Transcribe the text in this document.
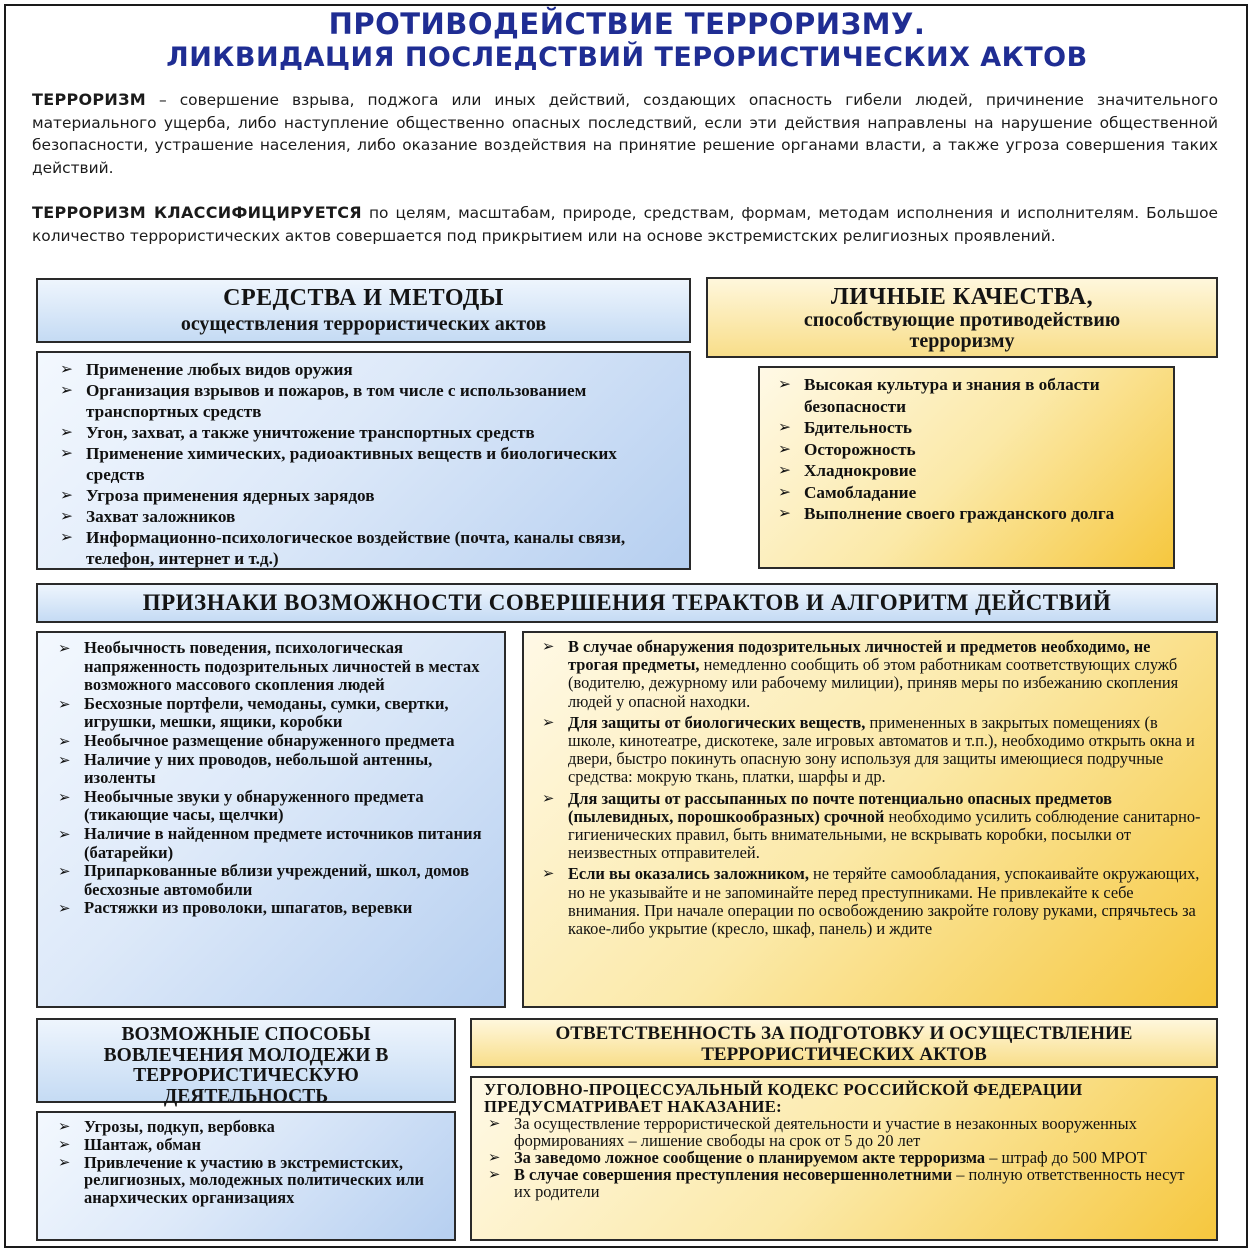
ПРОТИВОДЕЙСТВИЕ ТЕРРОРИЗМУ.
ЛИКВИДАЦИЯ ПОСЛЕДСТВИЙ ТЕРОРИСТИЧЕСКИХ АКТОВ
ТЕРРОРИЗМ – совершение взрыва, поджога или иных действий, создающих опасность гибели людей, причинение значительного материального ущерба, либо наступление общественно опасных последствий, если эти действия направлены на нарушение общественной безопасности, устрашение населения, либо оказание воздействия на принятие решение органами власти, а также угроза совершения таких действий.
ТЕРРОРИЗМ КЛАССИФИЦИРУЕТСЯ по целям, масштабам, природе, средствам, формам, методам исполнения и исполнителям. Большое количество террористических актов совершается под прикрытием или на основе экстремистских религиозных проявлений.
СРЕДСТВА И МЕТОДЫ
осуществления террористических актов
➢ Применение любых видов оружия
➢ Организация взрывов и пожаров, в том числе с использованием транспортных средств
➢ Угон, захват, а также уничтожение транспортных средств
➢ Применение химических, радиоактивных веществ и биологических средств
➢ Угроза применения ядерных зарядов
➢ Захват заложников
➢ Информационно-психологическое воздействие (почта, каналы связи, телефон, интернет и т.д.)
ЛИЧНЫЕ КАЧЕСТВА,
способствующие противодействию
терроризму
➢ Высокая культура и знания в области безопасности
➢ Бдительность
➢ Осторожность
➢ Хладнокровие
➢ Самобладание
➢ Выполнение своего гражданского долга
ПРИЗНАКИ ВОЗМОЖНОСТИ СОВЕРШЕНИЯ ТЕРАКТОВ И АЛГОРИТМ ДЕЙСТВИЙ
➢ Необычность поведения, психологическая напряженность подозрительных личностей в местах возможного массового скопления людей
➢ Бесхозные портфели, чемоданы, сумки, свертки, игрушки, мешки, ящики, коробки
➢ Необычное размещение обнаруженного предмета
➢ Наличие у них проводов, небольшой антенны, изоленты
➢ Необычные звуки у обнаруженного предмета (тикающие часы, щелчки)
➢ Наличие в найденном предмете источников питания (батарейки)
➢ Припаркованные вблизи учреждений, школ, домов бесхозные автомобили
➢ Растяжки из проволоки, шпагатов, веревки
➢ В случае обнаружения подозрительных личностей и предметов необходимо, не трогая предметы, немедленно сообщить об этом работникам соответствующих служб (водителю, дежурному или рабочему милиции), приняв меры по избежанию скопления людей у опасной находки.
➢ Для защиты от биологических веществ, примененных в закрытых помещениях (в школе, кинотеатре, дискотеке, зале игровых автоматов и т.п.), необходимо открыть окна и двери, быстро покинуть опасную зону используя для защиты имеющиеся подручные средства: мокрую ткань, платки, шарфы и др.
➢ Для защиты от рассыпанных по почте потенциально опасных предметов (пылевидных, порошкообразных) срочной необходимо усилить соблюдение санитарно-гигиенических правил, быть внимательными, не вскрывать коробки, посылки от неизвестных отправителей.
➢ Если вы оказались заложником, не теряйте самообладания, успокаивайте окружающих, но не указывайте и не запоминайте перед преступниками. Не привлекайте к себе внимания. При начале операции по освобождению закройте голову руками, спрячьтесь за какое-либо укрытие (кресло, шкаф, панель) и ждите
ВОЗМОЖНЫЕ СПОСОБЫ ВОВЛЕЧЕНИЯ МОЛОДЕЖИ В ТЕРРОРИСТИЧЕСКУЮ ДЕЯТЕЛЬНОСТЬ
➢ Угрозы, подкуп, вербовка
➢ Шантаж, обман
➢ Привлечение к участию в экстремистских, религиозных, молодежных политических или анархических организациях
ОТВЕТСТВЕННОСТЬ ЗА ПОДГОТОВКУ И ОСУЩЕСТВЛЕНИЕ ТЕРРОРИСТИЧЕСКИХ АКТОВ
УГОЛОВНО-ПРОЦЕССУАЛЬНЫЙ КОДЕКС РОССИЙСКОЙ ФЕДЕРАЦИИ ПРЕДУСМАТРИВАЕТ НАКАЗАНИЕ:
➢ За осуществление террористической деятельности и участие в незаконных вооруженных формированиях – лишение свободы на срок от 5 до 20 лет
➢ За заведомо ложное сообщение о планируемом акте терроризма – штраф до 500 МРОТ
➢ В случае совершения преступления несовершеннолетними – полную ответственность несут их родители
